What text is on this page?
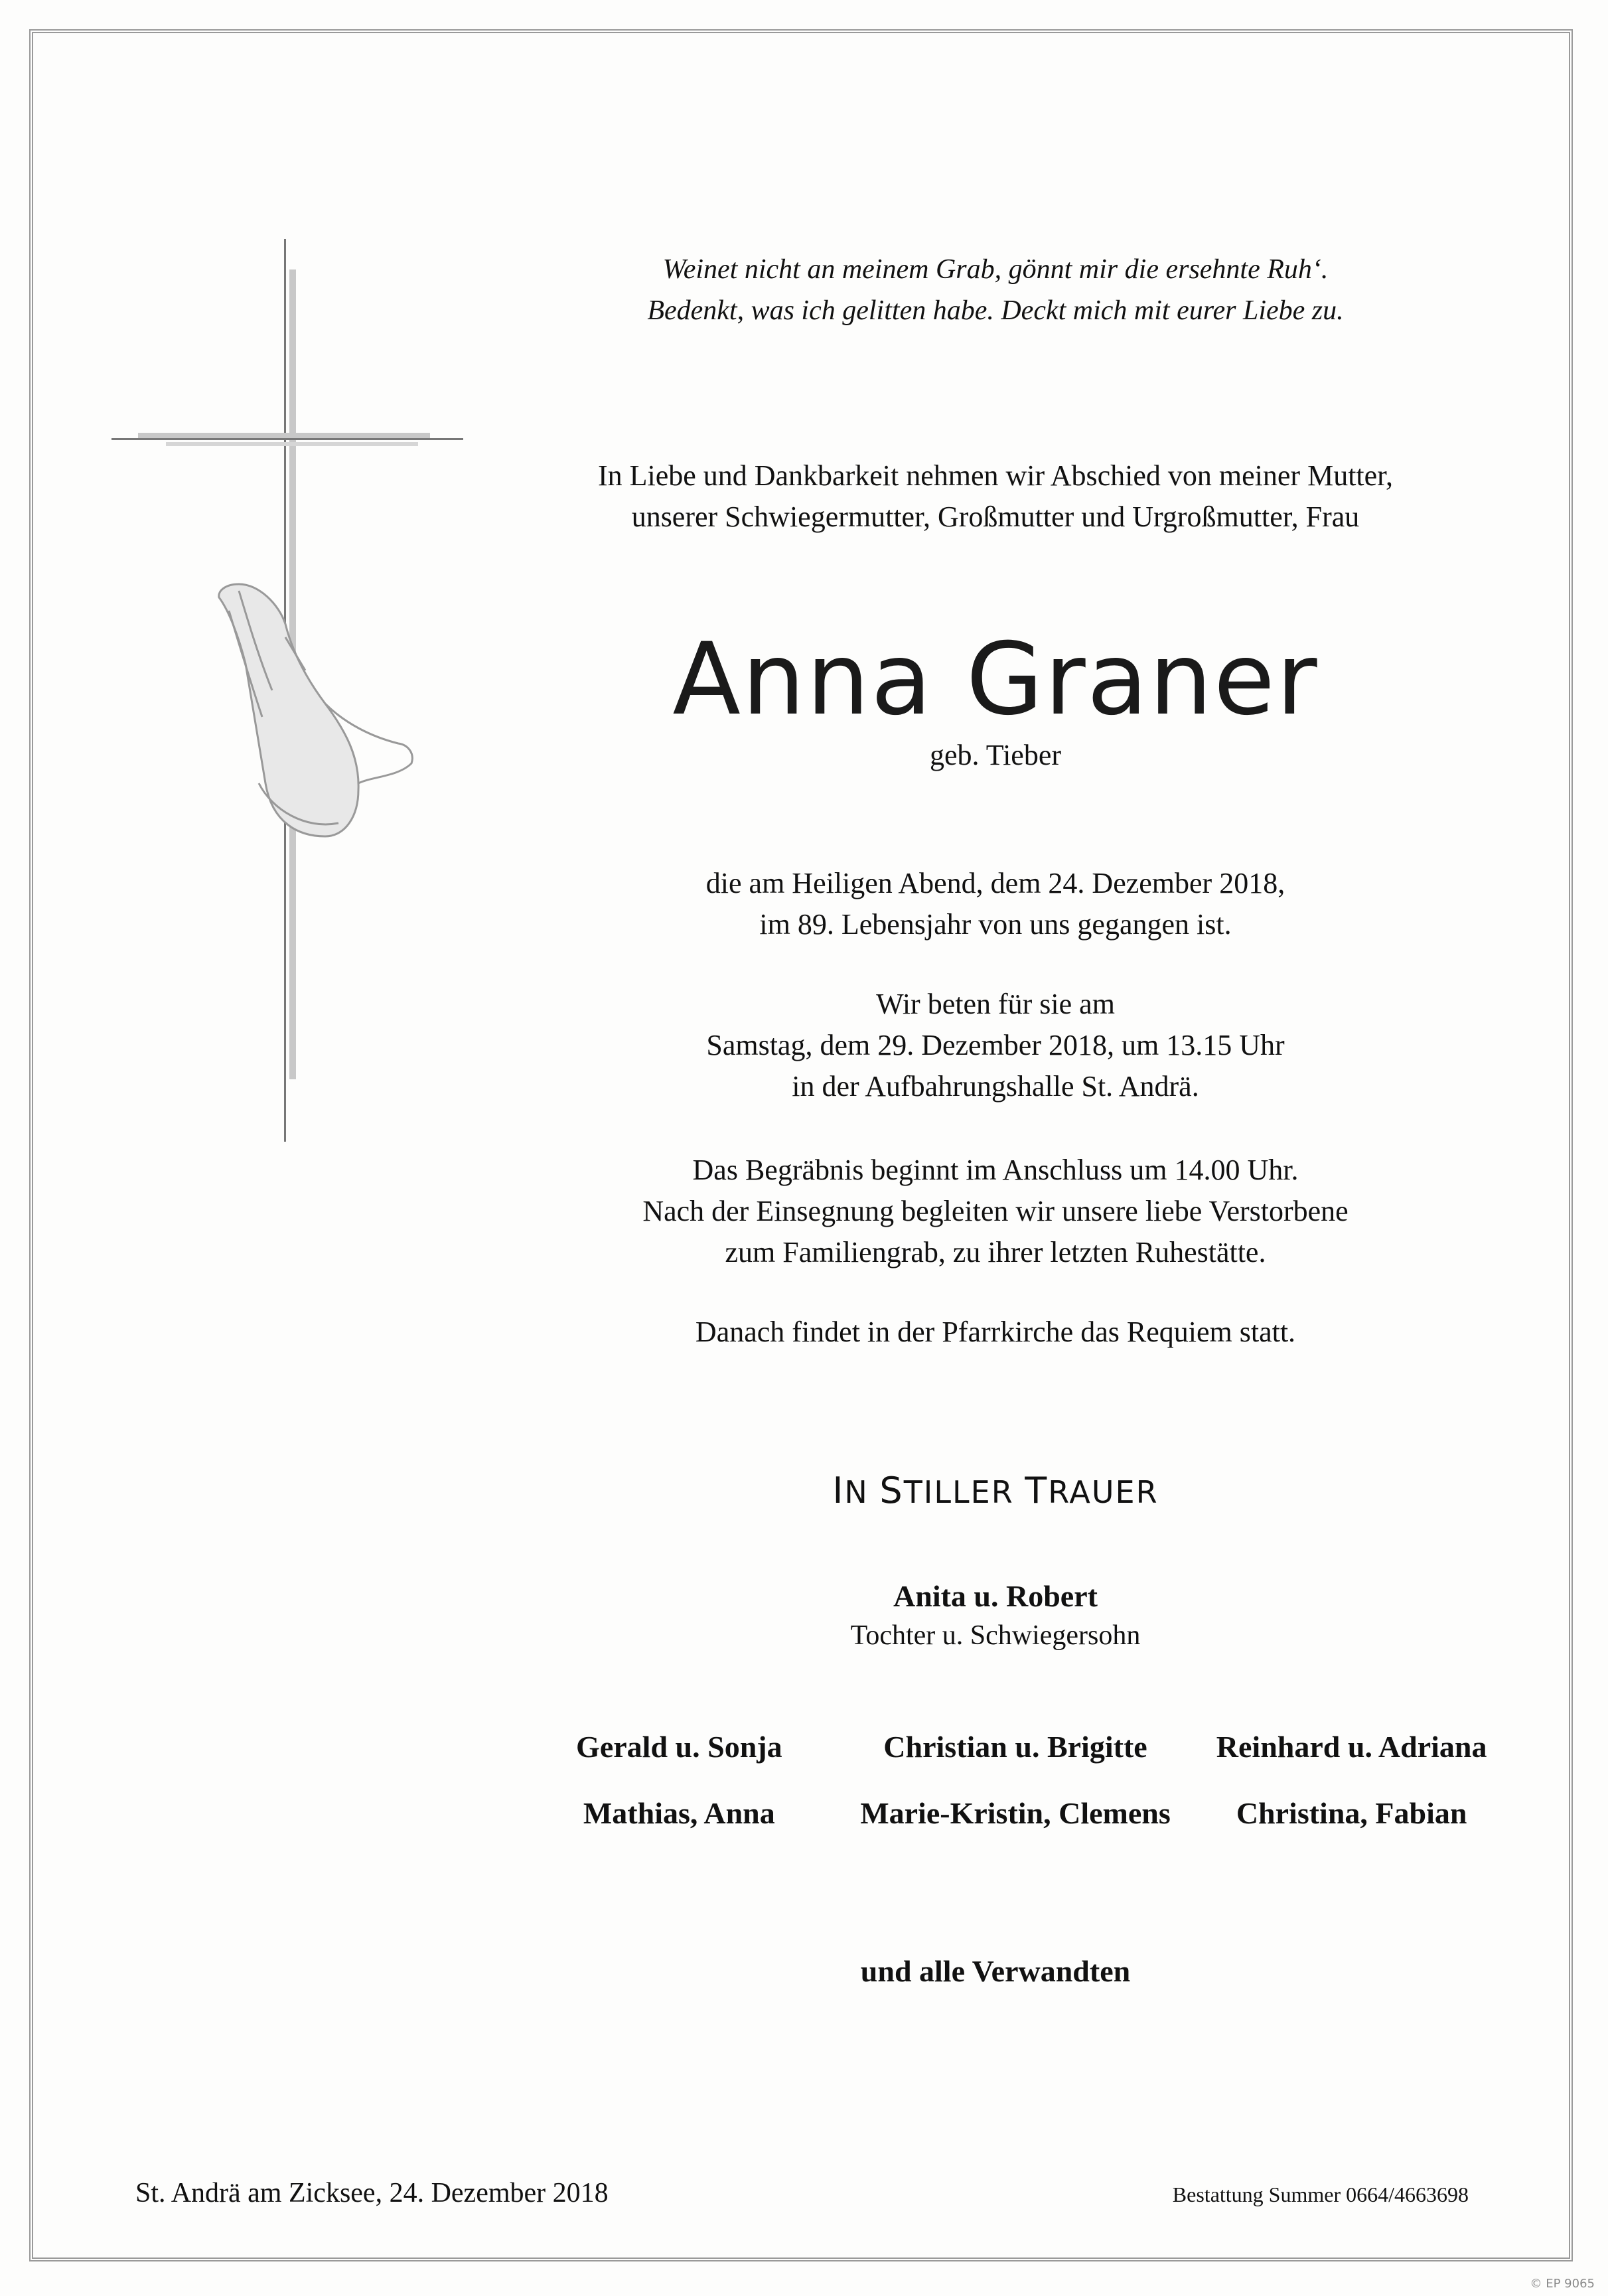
Weinet nicht an meinem Grab, gönnt mir die ersehnte Ruh‘.
Bedenkt, was ich gelitten habe. Deckt mich mit eurer Liebe zu.
In Liebe und Dankbarkeit nehmen wir Abschied von meiner Mutter,
unserer Schwiegermutter, Großmutter und Urgroßmutter, Frau
Anna Graner
geb. Tieber
die am Heiligen Abend, dem 24. Dezember 2018,
im 89. Lebensjahr von uns gegangen ist.
Wir beten für sie am
Samstag, dem 29. Dezember 2018, um 13.15 Uhr
in der Aufbahrungshalle St. Andrä.
Das Begräbnis beginnt im Anschluss um 14.00 Uhr.
Nach der Einsegnung begleiten wir unsere liebe Verstorbene
zum Familiengrab, zu ihrer letzten Ruhestätte.
Danach findet in der Pfarrkirche das Requiem statt.
IN STILLER TRAUER
Anita u. Robert
Tochter u. Schwiegersohn
Gerald u. Sonja	Christian u. Brigitte	Reinhard u. Adriana
Mathias, Anna	Marie-Kristin, Clemens	Christina, Fabian
und alle Verwandten
St. Andrä am Zicksee, 24. Dezember 2018	Bestattung Summer 0664/4663698
© EP 9065
